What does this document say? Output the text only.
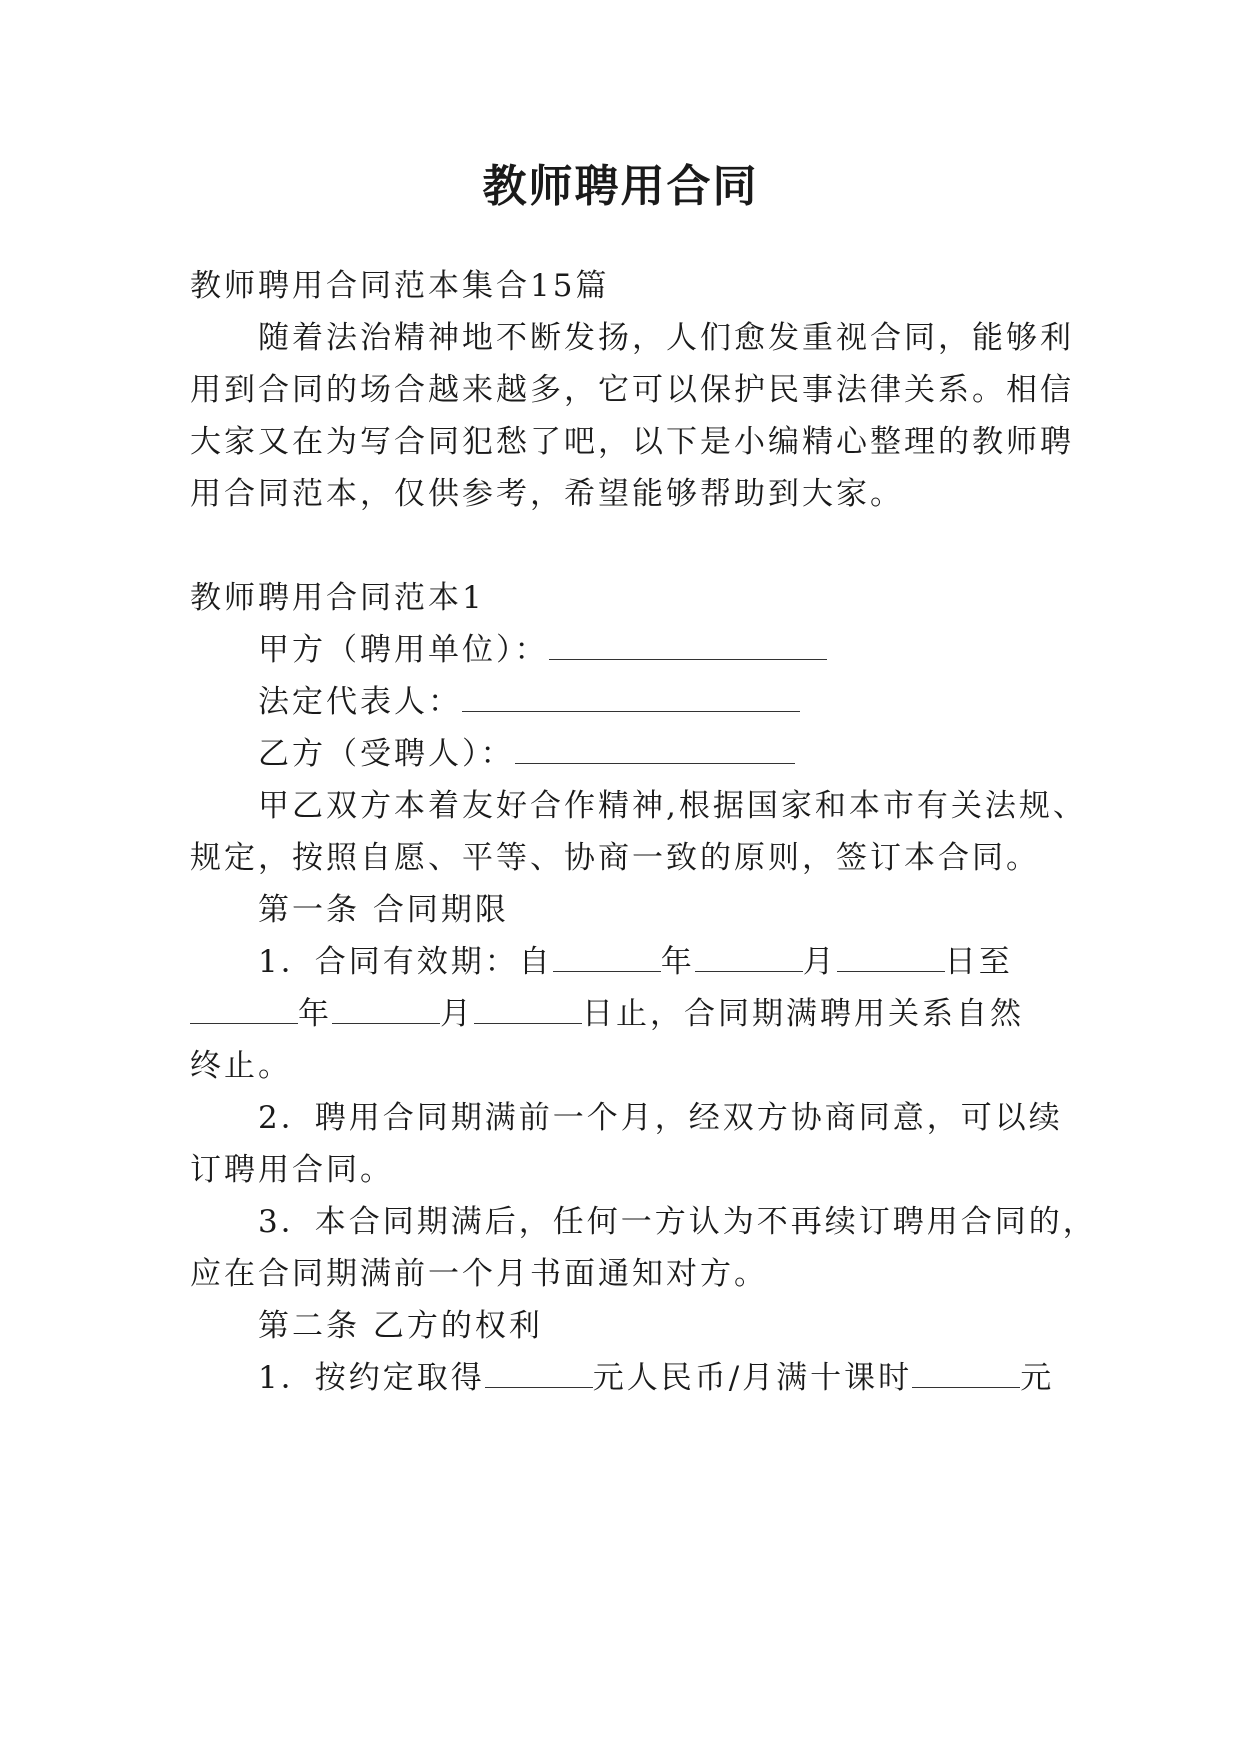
教师聘用合同
教师聘用合同范本集合15篇
随着法治精神地不断发扬，人们愈发重视合同，能够利
用到合同的场合越来越多，它可以保护民事法律关系。相信
大家又在为写合同犯愁了吧，以下是小编精心整理的教师聘
用合同范本，仅供参考，希望能够帮助到大家。
教师聘用合同范本1
甲方（聘用单位）：
法定代表人：
乙方（受聘人）：
甲乙双方本着友好合作精神,根据国家和本市有关法规、
规定，按照自愿、平等、协商一致的原则，签订本合同。
第一条 合同期限
1．合同有效期：自	年	月	日至
年	月	日止，合同期满聘用关系自然
终止。
2．聘用合同期满前一个月，经双方协商同意，可以续
订聘用合同。
3．本合同期满后，任何一方认为不再续订聘用合同的，
应在合同期满前一个月书面通知对方。
第二条 乙方的权利
1．按约定取得	元人民币/月满十课时	元
